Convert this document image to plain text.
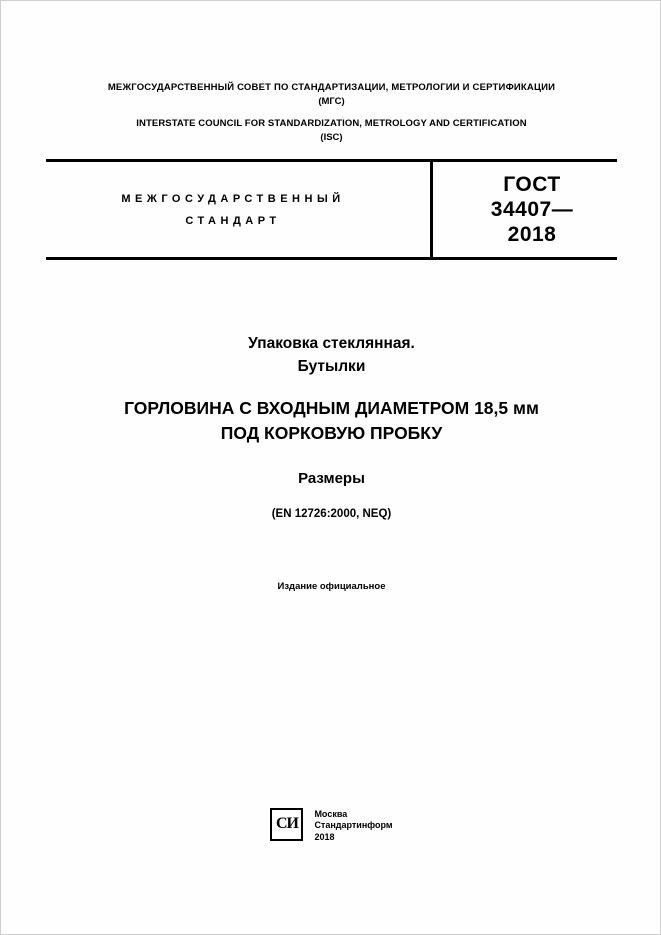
МЕЖГОСУДАРСТВЕННЫЙ СОВЕТ ПО СТАНДАРТИЗАЦИИ, МЕТРОЛОГИИ И СЕРТИФИКАЦИИ
(МГС)
INTERSTATE COUNCIL FOR STANDARDIZATION, METROLOGY AND CERTIFICATION
(ISC)
МЕЖГОСУДАРСТВЕННЫЙ
СТАНДАРТ
ГОСТ
34407—
2018
Упаковка стеклянная.
Бутылки
ГОРЛОВИНА С ВХОДНЫМ ДИАМЕТРОМ 18,5 мм
ПОД КОРКОВУЮ ПРОБКУ
Размеры
(EN 12726:2000, NEQ)
Издание официальное
СИ
Москва
Стандартинформ
2018
